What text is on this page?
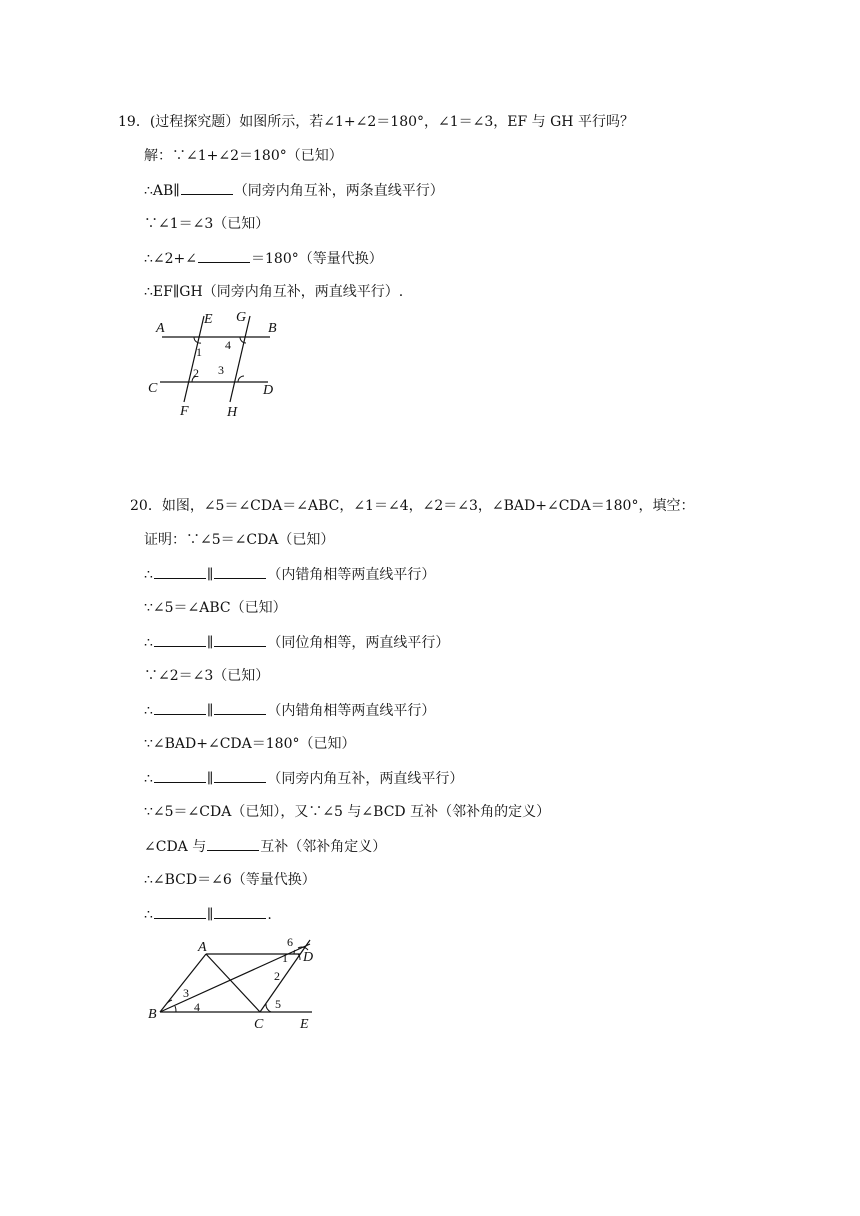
19．(过程探究题）如图所示，若∠1+∠2＝180°，∠1＝∠3，EF 与 GH 平行吗？
解：∵∠1+∠2＝180°（已知）
∴AB∥	（同旁内角互补，两条直线平行）
∵∠1＝∠3（已知）
∴∠2+∠	＝180°（等量代换）
∴EF∥GH（同旁内角互补，两直线平行）.
A
E G
B
C	D
F	H
1
2 3
4
20．如图，∠5＝∠CDA＝∠ABC，∠1＝∠4，∠2＝∠3，∠BAD+∠CDA＝180°，填空：
证明：∵∠5＝∠CDA（已知）
∴	∥	（内错角相等两直线平行）
∵∠5＝∠ABC（已知）
∴	∥	（同位角相等，两直线平行）
∵∠2＝∠3（已知）
∴	∥	（内错角相等两直线平行）
∵∠BAD+∠CDA＝180°（已知）
∴	∥	（同旁内角互补，两直线平行）
∵∠5＝∠CDA（已知），又∵∠5 与∠BCD 互补（邻补角的定义）
∠CDA 与	互补（邻补角定义）
∴∠BCD＝∠6（等量代换）
∴	∥	.
A
B
C
D
E
1
2
3
4	5
6
